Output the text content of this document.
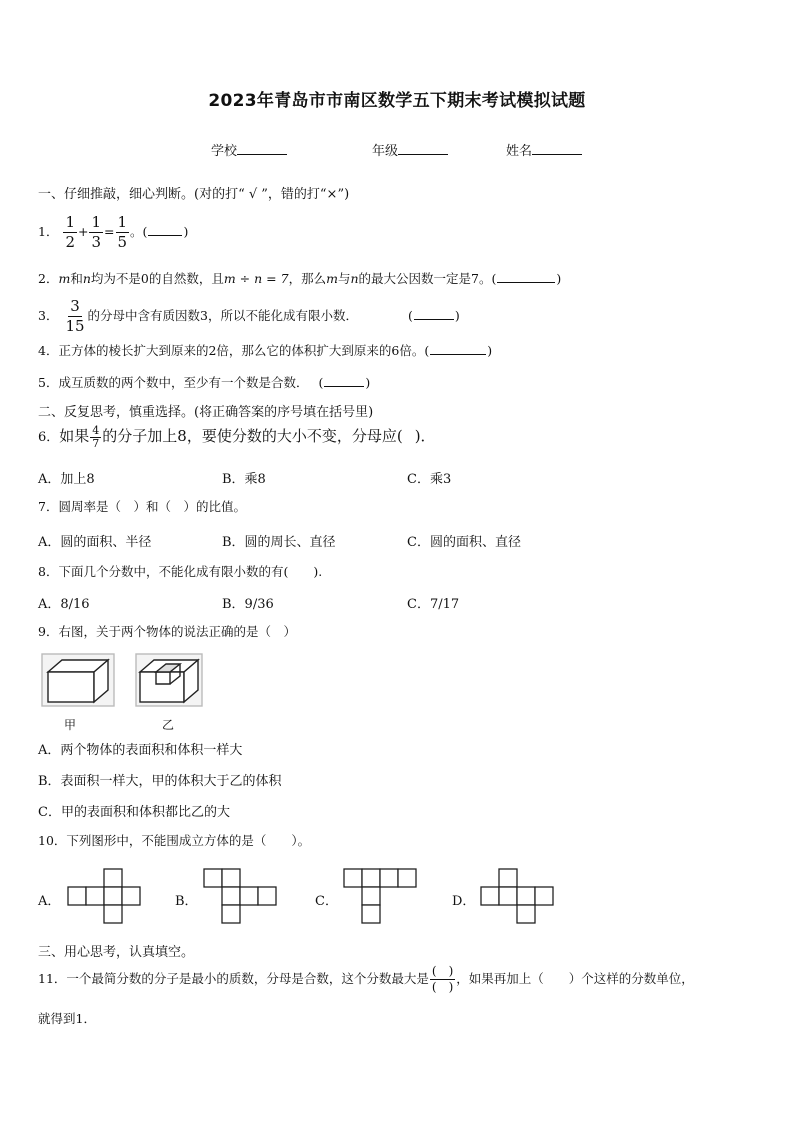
2023年青岛市市南区数学五下期末考试模拟试题
学校	年级	姓名
一、仔细推敲，细心判断。(对的打“ √ ”，错的打“×”)
1． $\frac{1}{2} + \frac{1}{3} = \frac{1}{5}$ 。(	)
2．m和n均为不是0的自然数，且m ÷ n = 7，那么m与n的最大公因数一定是7。(	)
3． $\frac{3}{15}$ 的分母中含有质因数3，所以不能化成有限小数．	(	)
4．正方体的棱长扩大到原来的2倍，那么它的体积扩大到原来的6倍。(	)
5．成互质数的两个数中，至少有一个数是合数． (	)
二、反复思考，慎重选择。(将正确答案的序号填在括号里)
6．如果 $\frac{4}{7}$ 的分子加上8，要使分数的大小不变，分母应( )．
A．加上8	B．乘8	C．乘3
7．圆周率是（　）和（　）的比值。
A．圆的面积、半径	B．圆的周长、直径	C．圆的面积、直径
8．下面几个分数中，不能化成有限小数的有(　　).
A．8/16	B．9/36	C．7/17
9．右图，关于两个物体的说法正确的是（　）
甲	乙
A．两个物体的表面积和体积一样大
B．表面积一样大，甲的体积大于乙的体积
C．甲的表面积和体积都比乙的大
10．下列图形中，不能围成立方体的是（　　）。
A．	B．	C．	D．
三、用心思考，认真填空。
11．一个最简分数的分子是最小的质数，分母是合数，这个分数最大是 $\frac{( )}{( )}$ ，如果再加上（　　）个这样的分数单位，
就得到1．
